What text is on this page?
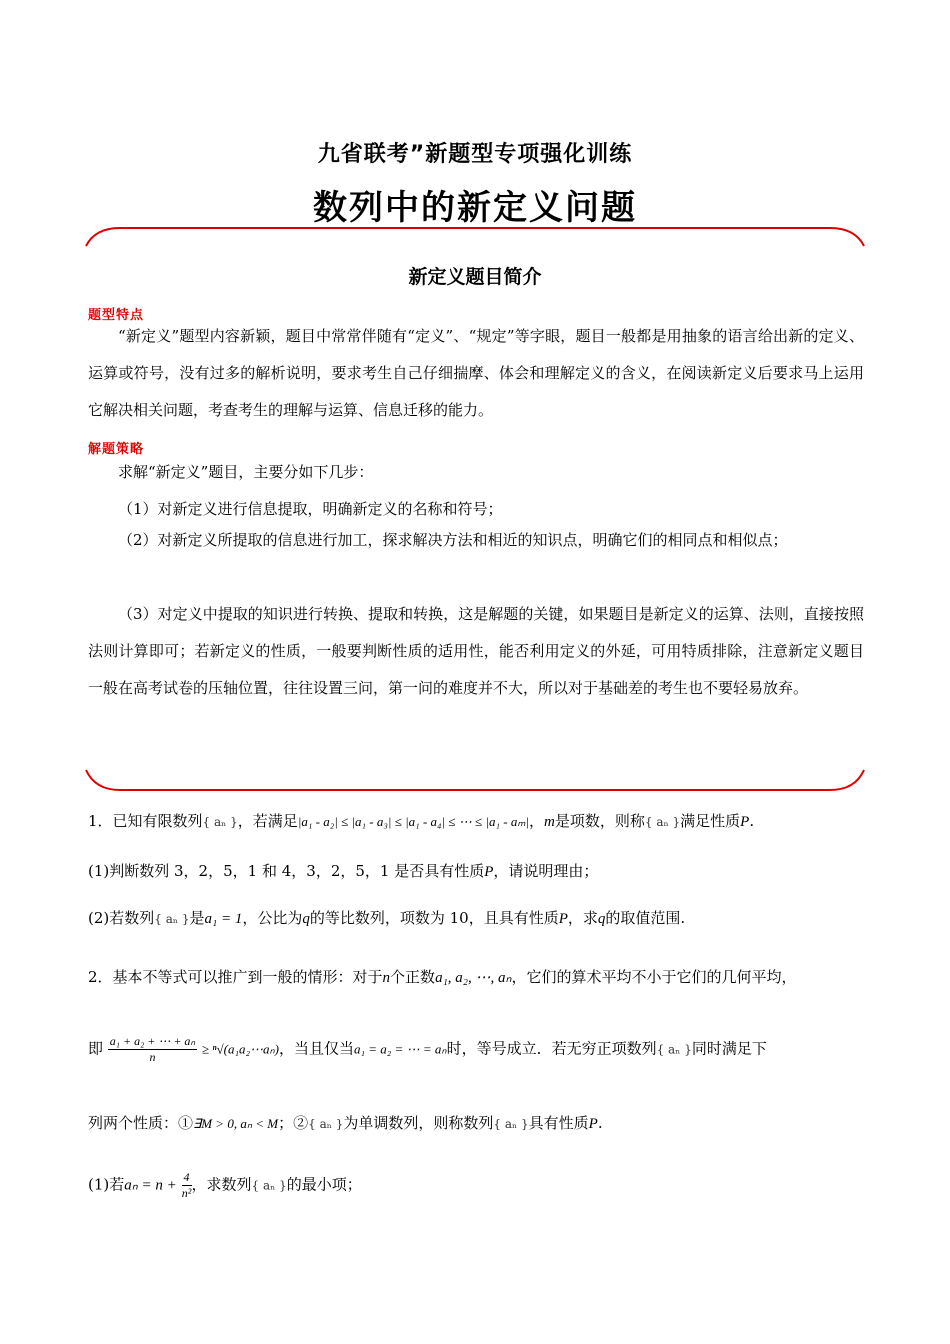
九省联考”新题型专项强化训练
数列中的新定义问题
新定义题目简介
题型特点
“新定义”题型内容新颖，题目中常常伴随有“定义”、“规定”等字眼，题目一般都是用抽象的语言给出新的定义、运算或符号，没有过多的解析说明，要求考生自己仔细揣摩、体会和理解定义的含义，在阅读新定义后要求马上运用它解决相关问题，考查考生的理解与运算、信息迁移的能力。
解题策略
求解“新定义”题目，主要分如下几步：
（1）对新定义进行信息提取，明确新定义的名称和符号；
（2）对新定义所提取的信息进行加工，探求解决方法和相近的知识点，明确它们的相同点和相似点；
（3）对定义中提取的知识进行转换、提取和转换，这是解题的关键，如果题目是新定义的运算、法则，直接按照法则计算即可；若新定义的性质，一般要判断性质的适用性，能否利用定义的外延，可用特质排除，注意新定义题目一般在高考试卷的压轴位置，往往设置三问，第一问的难度并不大，所以对于基础差的考生也不要轻易放弃。
1．已知有限数列{ aₙ }，若满足|a₁ - a₂| ≤ |a₁ - a₃| ≤ |a₁ - a₄| ≤ ⋯ ≤ |a₁ - aₘ|，m是项数，则称{ aₙ }满足性质P.
(1)判断数列 3，2，5，1 和 4，3，2，5，1 是否具有性质P，请说明理由；
(2)若数列{ aₙ }是a₁ = 1，公比为q的等比数列，项数为 10，且具有性质P，求q的取值范围.
2．基本不等式可以推广到一般的情形：对于n个正数a₁, a₂, ⋯, aₙ，它们的算术平均不小于它们的几何平均，
即 $\frac{\text{a₁ + a₂ + ⋯ + aₙ}}{n}$ ≥ ⁿ√(a₁a₂⋯aₙ)，当且仅当a₁ = a₂ = ⋯ = aₙ时，等号成立．若无穷正项数列{ aₙ }同时满足下
列两个性质：①∃M > 0, aₙ < M；②{ aₙ }为单调数列，则称数列{ aₙ }具有性质P.
(1)若$a_n = n + \frac{4}{\text{n²}}$ ，求数列{ aₙ }的最小项；
